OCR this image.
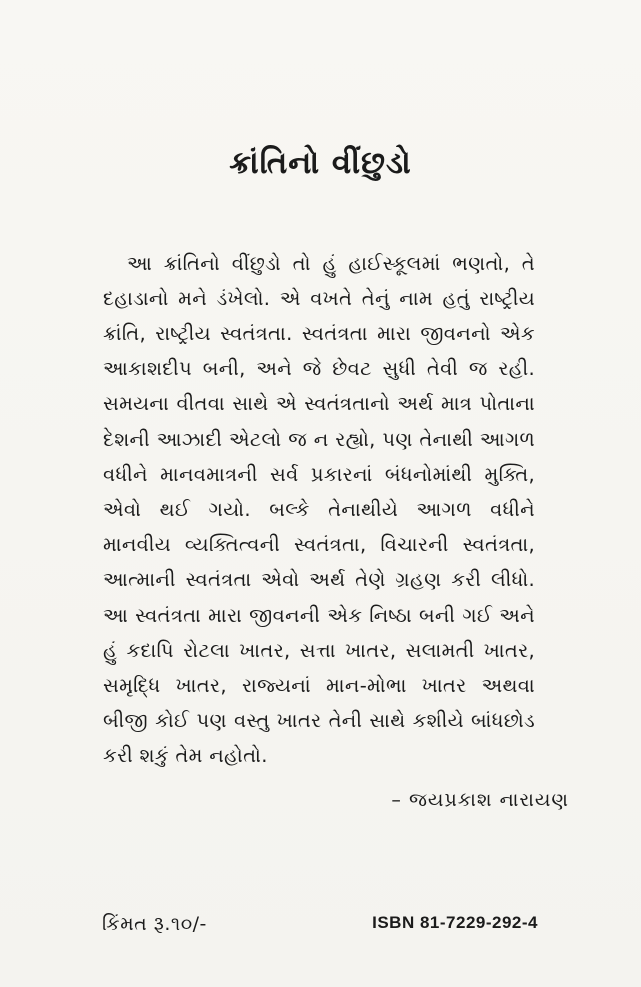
ક્રાંતિનો વીંછુડો

આ ક્રાંતિનો વીંછુડો તો હું હાઈસ્કૂલમાં ભણતો, તે દહાડાનો મને ડંખેલો. એ વખતે તેનું નામ હતું રાષ્ટ્રીય ક્રાંતિ, રાષ્ટ્રીય સ્વતંત્રતા. સ્વતંત્રતા મારા જીવનનો એક આકાશદીપ બની, અને જે છેવટ સુધી તેવી જ રહી. સમયના વીતવા સાથે એ સ્વતંત્રતાનો અર્થ માત્ર પોતાના દેશની આઝાદી એટલો જ ન રહ્યો, પણ તેનાથી આગળ વધીને માનવમાત્રની સર્વ પ્રકારનાં બંધનોમાંથી મુક્તિ, એવો થઈ ગયો. બલ્કે તેનાથીયે આગળ વધીને માનવીય વ્યક્તિત્વની સ્વતંત્રતા, વિચારની સ્વતંત્રતા, આત્માની સ્વતંત્રતા એવો અર્થ તેણે ગ્રહણ કરી લીધો. આ સ્વતંત્રતા મારા જીવનની એક નિષ્ઠા બની ગઈ અને હું કદાપિ રોટલા ખાતર, સત્તા ખાતર, સલામતી ખાતર, સમૃદ્ધિ ખાતર, રાજ્યનાં માન-મોભા ખાતર અથવા બીજી કોઈ પણ વસ્તુ ખાતર તેની સાથે કશીયે બાંધછોડ કરી શકું તેમ નહોતો.

– જયપ્રકાશ નારાયણ
કિંમત રૂ.૧૦/-	ISBN 81-7229-292-4
